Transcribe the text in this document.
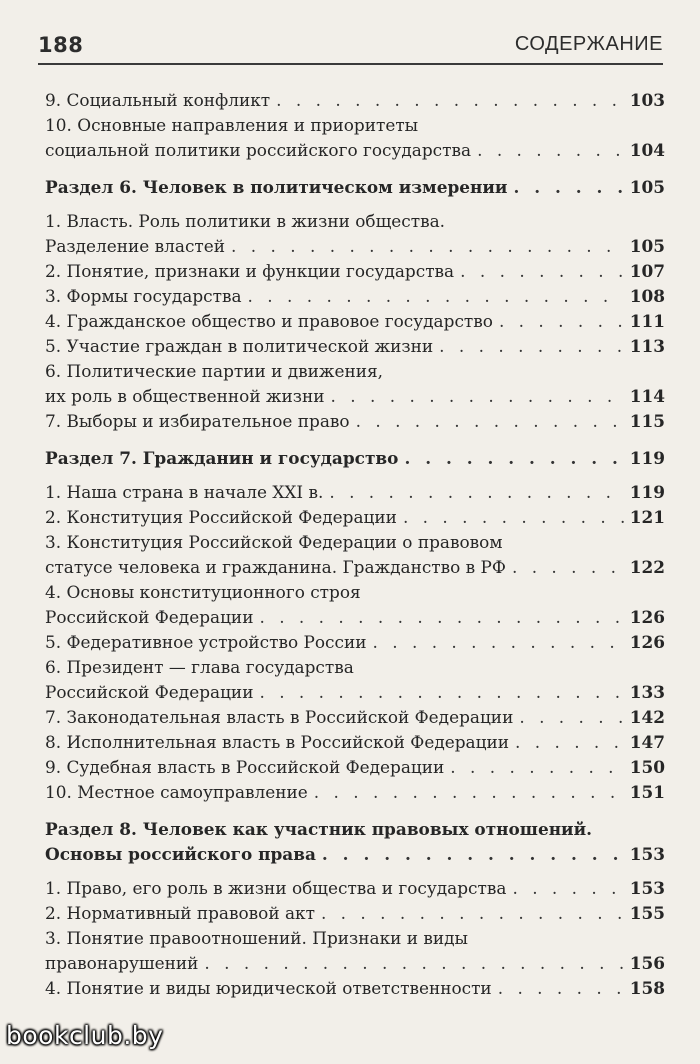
188	СОДЕРЖАНИЕ
9. Социальный конфликт . . .	103
10. Основные направления и приоритеты
социальной политики российского государства . . .	104
Раздел 6. Человек в политическом измерении . . .	105
1. Власть. Роль политики в жизни общества.
Разделение властей . . .	105
2. Понятие, признаки и функции государства . . .	107
3. Формы государства . . .	108
4. Гражданское общество и правовое государство . . .	111
5. Участие граждан в политической жизни . . .	113
6. Политические партии и движения,
их роль в общественной жизни . . .	114
7. Выборы и избирательное право . . .	115
Раздел 7. Гражданин и государство . . .	119
1. Наша страна в начале XXI в. . . .	119
2. Конституция Российской Федерации . . .	121
3. Конституция Российской Федерации о правовом
статусе человека и гражданина. Гражданство в РФ . . .	122
4. Основы конституционного строя
Российской Федерации . . .	126
5. Федеративное устройство России . . .	126
6. Президент — глава государства
Российской Федерации . . .	133
7. Законодательная власть в Российской Федерации . . .	142
8. Исполнительная власть в Российской Федерации . . .	147
9. Судебная власть в Российской Федерации . . .	150
10. Местное самоуправление . . .	151
Раздел 8. Человек как участник правовых отношений.
Основы российского права . . .	153
1. Право, его роль в жизни общества и государства . . .	153
2. Нормативный правовой акт . . .	155
3. Понятие правоотношений. Признаки и виды
правонарушений . . .	156
4. Понятие и виды юридической ответственности . . .	158
bookclub.by
